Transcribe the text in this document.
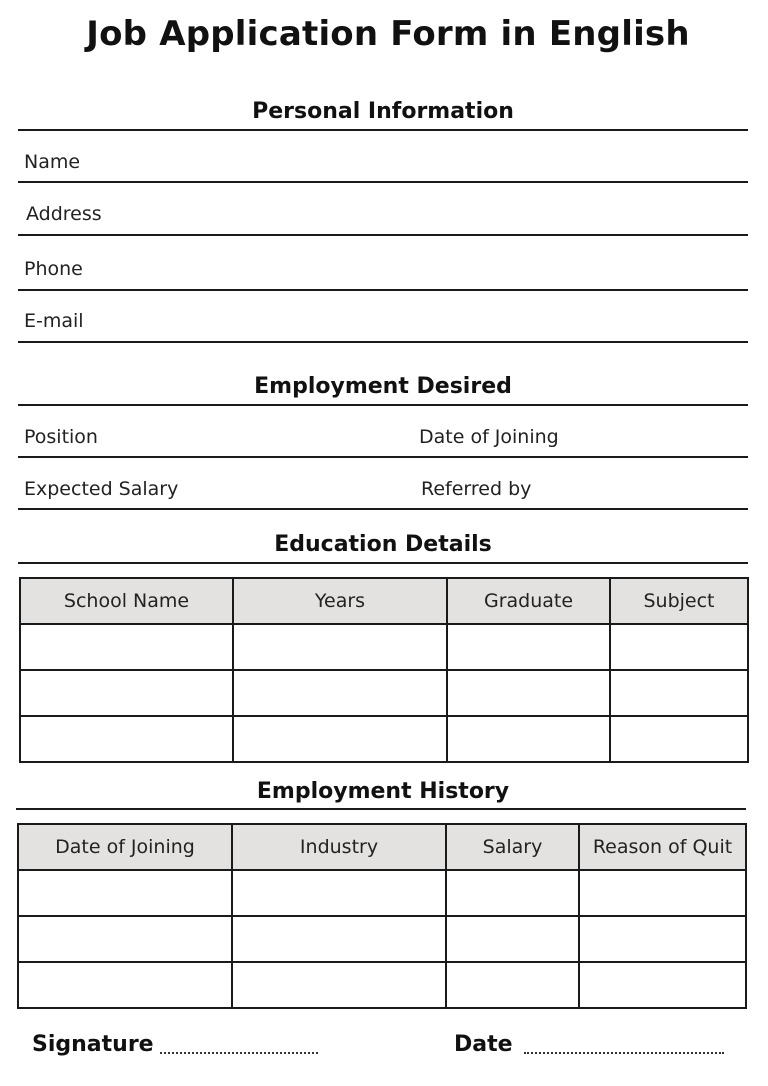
Job Application Form in English
Personal Information
Name
Address
Phone
E-mail
Employment Desired
Position	Date of Joining
Expected Salary	Referred by
Education Details
School Name	Years	Graduate	Subject

Employment History
Date of Joining	Industry	Salary	Reason of Quit

Signature	Date
